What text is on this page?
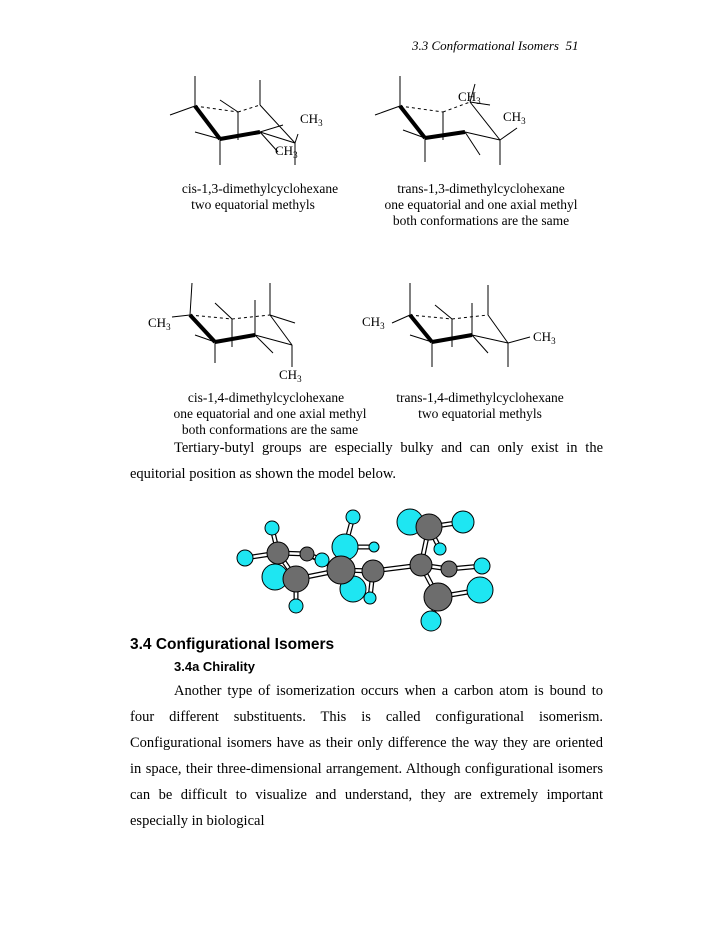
3.3 Conformational Isomers 51
$CH_3$
$CH_3$
$CH_3$
$CH_3$
cis-1,3-dimethylcyclohexane
two equatorial methyls
trans-1,3-dimethylcyclohexane
one equatorial and one axial methyl
both conformations are the same
$CH_3$
$CH_3$
$CH_3$
$CH_3$
cis-1,4-dimethylcyclohexane
one equatorial and one axial methyl
both conformations are the same
trans-1,4-dimethylcyclohexane
two equatorial methyls
Tertiary-butyl groups are especially bulky and can only exist in the equitorial position as shown the model below.
3.4 Configurational Isomers
3.4a Chirality
Another type of isomerization occurs when a carbon atom is bound to four different substituents. This is called configurational isomerism. Configurational isomers have as their only difference the way they are oriented in space, their three-dimensional arrangement. Although configurational isomers can be difficult to visualize and understand, they are extremely important especially in biological
